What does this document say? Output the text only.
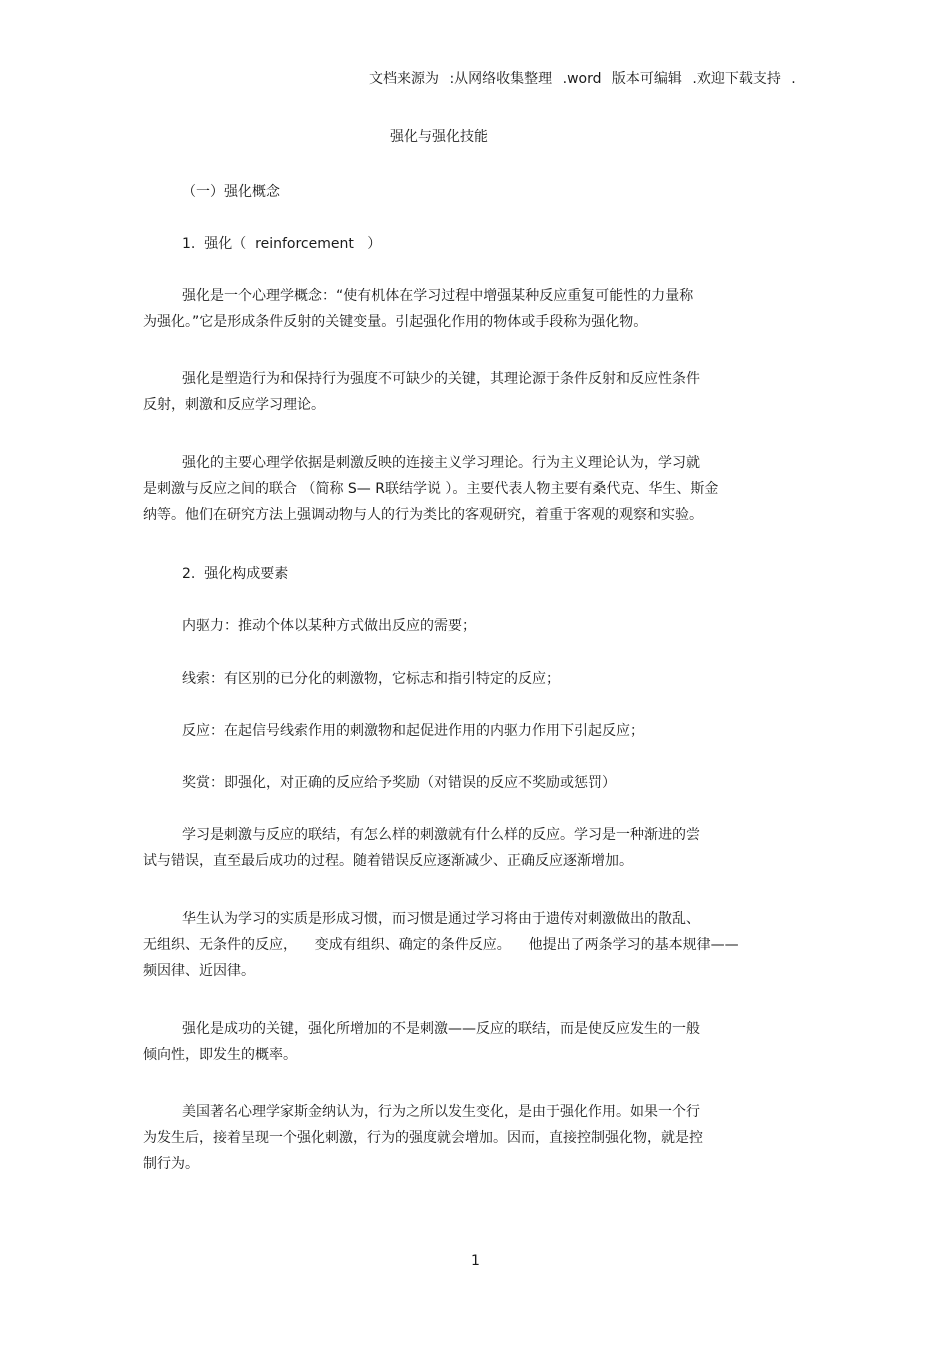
文档来源为 :从网络收集整理 .word 版本可编辑 .欢迎下载支持 .
强化与强化技能
（一）强化概念
1.  强化（  reinforcement   ）
强化是一个心理学概念：“使有机体在学习过程中增强某种反应重复可能性的力量称
为强化。”它是形成条件反射的关键变量。引起强化作用的物体或手段称为强化物。
强化是塑造行为和保持行为强度不可缺少的关键，其理论源于条件反射和反应性条件
反射，刺激和反应学习理论。
强化的主要心理学依据是刺激反映的连接主义学习理论。行为主义理论认为，学习就
是刺激与反应之间的联合 （简称 S— R联结学说 ）。主要代表人物主要有桑代克、华生、斯金
纳等。他们在研究方法上强调动物与人的行为类比的客观研究，着重于客观的观察和实验。
2.  强化构成要素
内驱力：推动个体以某种方式做出反应的需要；
线索：有区别的已分化的刺激物，它标志和指引特定的反应；
反应：在起信号线索作用的刺激物和起促进作用的内驱力作用下引起反应；
奖赏：即强化，对正确的反应给予奖励（对错误的反应不奖励或惩罚）
学习是刺激与反应的联结，有怎么样的刺激就有什么样的反应。学习是一种渐进的尝
试与错误，直至最后成功的过程。随着错误反应逐渐减少、正确反应逐渐增加。
华生认为学习的实质是形成习惯，而习惯是通过学习将由于遗传对刺激做出的散乱、
无组织、无条件的反应，    变成有组织、确定的条件反应。    他提出了两条学习的基本规律——
频因律、近因律。
强化是成功的关键，强化所增加的不是刺激——反应的联结，而是使反应发生的一般
倾向性，即发生的概率。
美国著名心理学家斯金纳认为，行为之所以发生变化，是由于强化作用。如果一个行
为发生后，接着呈现一个强化刺激，行为的强度就会增加。因而，直接控制强化物，就是控
制行为。
1
